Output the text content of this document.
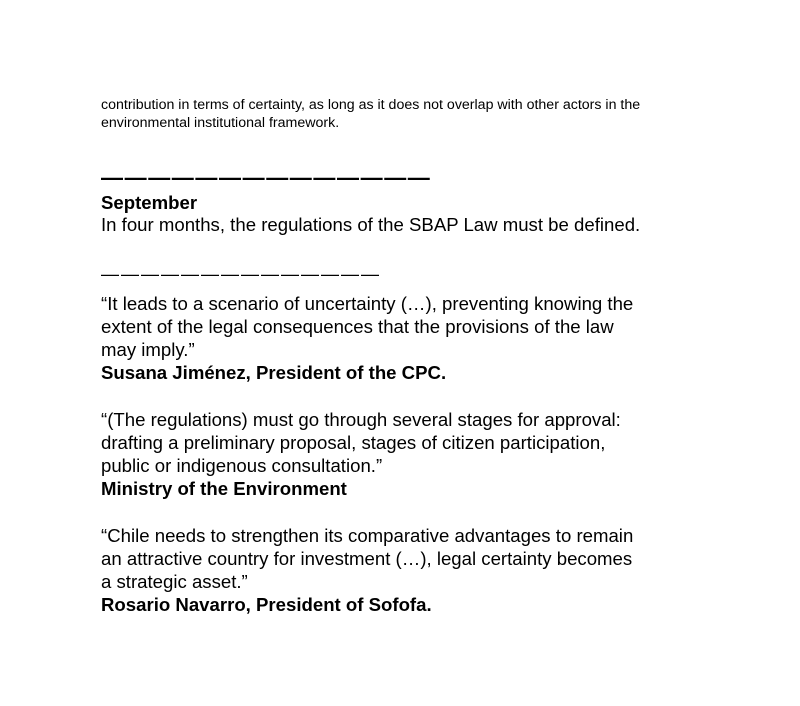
contribution in terms of certainty, as long as it does not overlap with other actors in the
environmental institutional framework.

——————————————

September

In four months, the regulations of the SBAP Law must be defined.

——————————————

“It leads to a scenario of uncertainty (…), preventing knowing the
extent of the legal consequences that the provisions of the law
may imply.”

Susana Jiménez, President of the CPC.

“(The regulations) must go through several stages for approval:
drafting a preliminary proposal, stages of citizen participation,
public or indigenous consultation.”

Ministry of the Environment

“Chile needs to strengthen its comparative advantages to remain
an attractive country for investment (…), legal certainty becomes
a strategic asset.”

Rosario Navarro, President of Sofofa.
